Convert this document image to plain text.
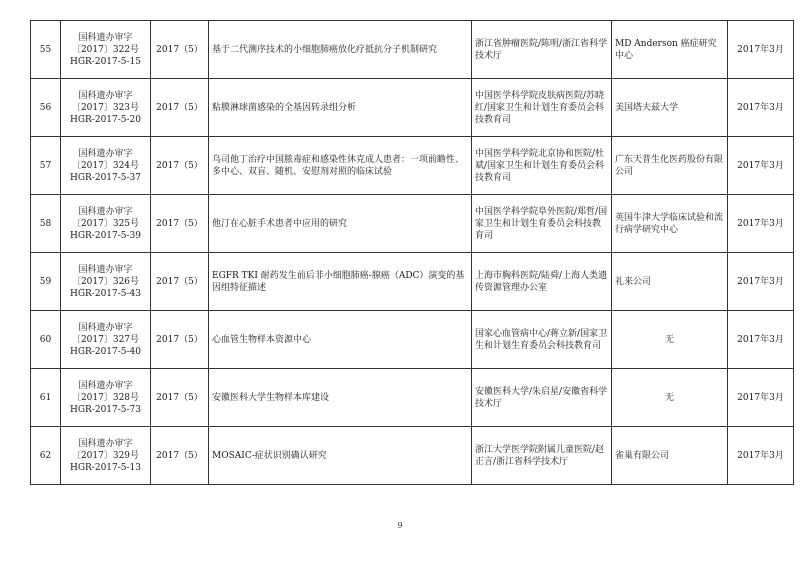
55	国科遗办审字
〔2017〕322号
HGR-2017-5-15	2017（5）	基于二代测序技术的小细胞肺癌放化疗抵抗分子机制研究	浙江省肿瘤医院/陈明/浙江省科学技术厅	MD Anderson 癌症研究中心	2017年3月
56	国科遗办审字
〔2017〕323号
HGR-2017-5-20	2017（5）	粘膜淋球菌感染的全基因转录组分析	中国医学科学院皮肤病医院/苏晓红/国家卫生和计划生育委员会科技教育司	美国塔夫兹大学	2017年3月
57	国科遗办审字
〔2017〕324号
HGR-2017-5-37	2017（5）	乌司他丁治疗中国脓毒症和感染性休克成人患者：一项前瞻性、多中心、双盲、随机、安慰剂对照的临床试验	中国医学科学院北京协和医院/杜斌/国家卫生和计划生育委员会科技教育司	广东天普生化医药股份有限公司	2017年3月
58	国科遗办审字
〔2017〕325号
HGR-2017-5-39	2017（5）	他汀在心脏手术患者中应用的研究	中国医学科学院阜外医院/郑哲/国家卫生和计划生育委员会科技教育司	英国牛津大学临床试验和流行病学研究中心	2017年3月
59	国科遗办审字
〔2017〕326号
HGR-2017-5-43	2017（5）	EGFR TKI 耐药发生前后非小细胞肺癌-腺癌（ADC）演变的基因组特征描述	上海市胸科医院/陆舜/上海人类遗传资源管理办公室	礼来公司	2017年3月
60	国科遗办审字
〔2017〕327号
HGR-2017-5-40	2017（5）	心血管生物样本资源中心	国家心血管病中心/蒋立新/国家卫生和计划生育委员会科技教育司	无	2017年3月
61	国科遗办审字
〔2017〕328号
HGR-2017-5-73	2017（5）	安徽医科大学生物样本库建设	安徽医科大学/朱启星/安徽省科学技术厅	无	2017年3月
62	国科遗办审字
〔2017〕329号
HGR-2017-5-13	2017（5）	MOSAIC-症状识别确认研究	浙江大学医学院附属儿童医院/赵正言/浙江省科学技术厅	雀巢有限公司	2017年3月
9
